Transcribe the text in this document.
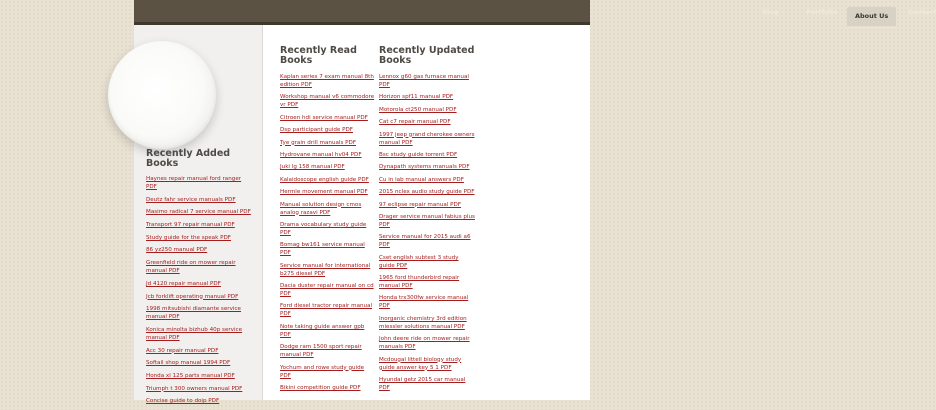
Blog	Portfolio	About Us	Contact
Recently Added Books
Haynes repair manual ford ranger PDF
Deutz fahr service manuals PDF
Masimo radical 7 service manual PDF
Transport 97 repair manual PDF
Study guide for the speak PDF
86 yz250 manual PDF
Greenfield ride on mower repair manual PDF
Jd 4120 repair manual PDF
Jcb forklift operating manual PDF
1998 mitsubishi diamante service manual PDF
Konica minolta bizhub 40p service manual PDF
Acc 30 repair manual PDF
Softail shop manual 1994 PDF
Honda xl 125 parts manual PDF
Triumph t 300 owners manual PDF
Concise guide to doip PDF
Recently Read Books
Kaplan series 7 exam manual 8th edition PDF
Workshop manual v6 commodore vr PDF
Citroen hdi service manual PDF
Dsp participant guide PDF
Tye grain drill manuals PDF
Hydrovane manual hv04 PDF
Juki lg 158 manual PDF
Kalaidoscope english guide PDF
Hermle movement manual PDF
Manual solution design cmos analog razavi PDF
Drama vocabulary study guide PDF
Bomag bw161 service manual PDF
Service manual for international b275 diesel PDF
Dacia duster repair manual on cd PDF
Ford diesel tractor repair manual PDF
Note taking guide answer gpb PDF
Dodge ram 1500 sport repair manual PDF
Yochum and rowe study guide PDF
Bikini competition guide PDF
Recently Updated Books
Lennox g60 gas furnace manual PDF
Horizon spf11 manual PDF
Motorola ct250 manual PDF
Cat c7 repair manual PDF
1997 jeep grand cherokee owners manual PDF
Bsc study guide torrent PDF
Dynapath systems manuals PDF
Cu in lab manual answers PDF
2015 nclex audio study guide PDF
97 eclipse repair manual PDF
Drager service manual fabius plus PDF
Service manual for 2015 audi a6 PDF
Cset english subtest 3 study guide PDF
1965 ford thunderbird repair manual PDF
Honda trx300fw service manual PDF
Inorganic chemistry 3rd edition miessler solutions manual PDF
John deere ride on mower repair manuals PDF
Mcdougal littell biology study guide answer key 5 1 PDF
Hyundai getz 2015 car manual PDF
